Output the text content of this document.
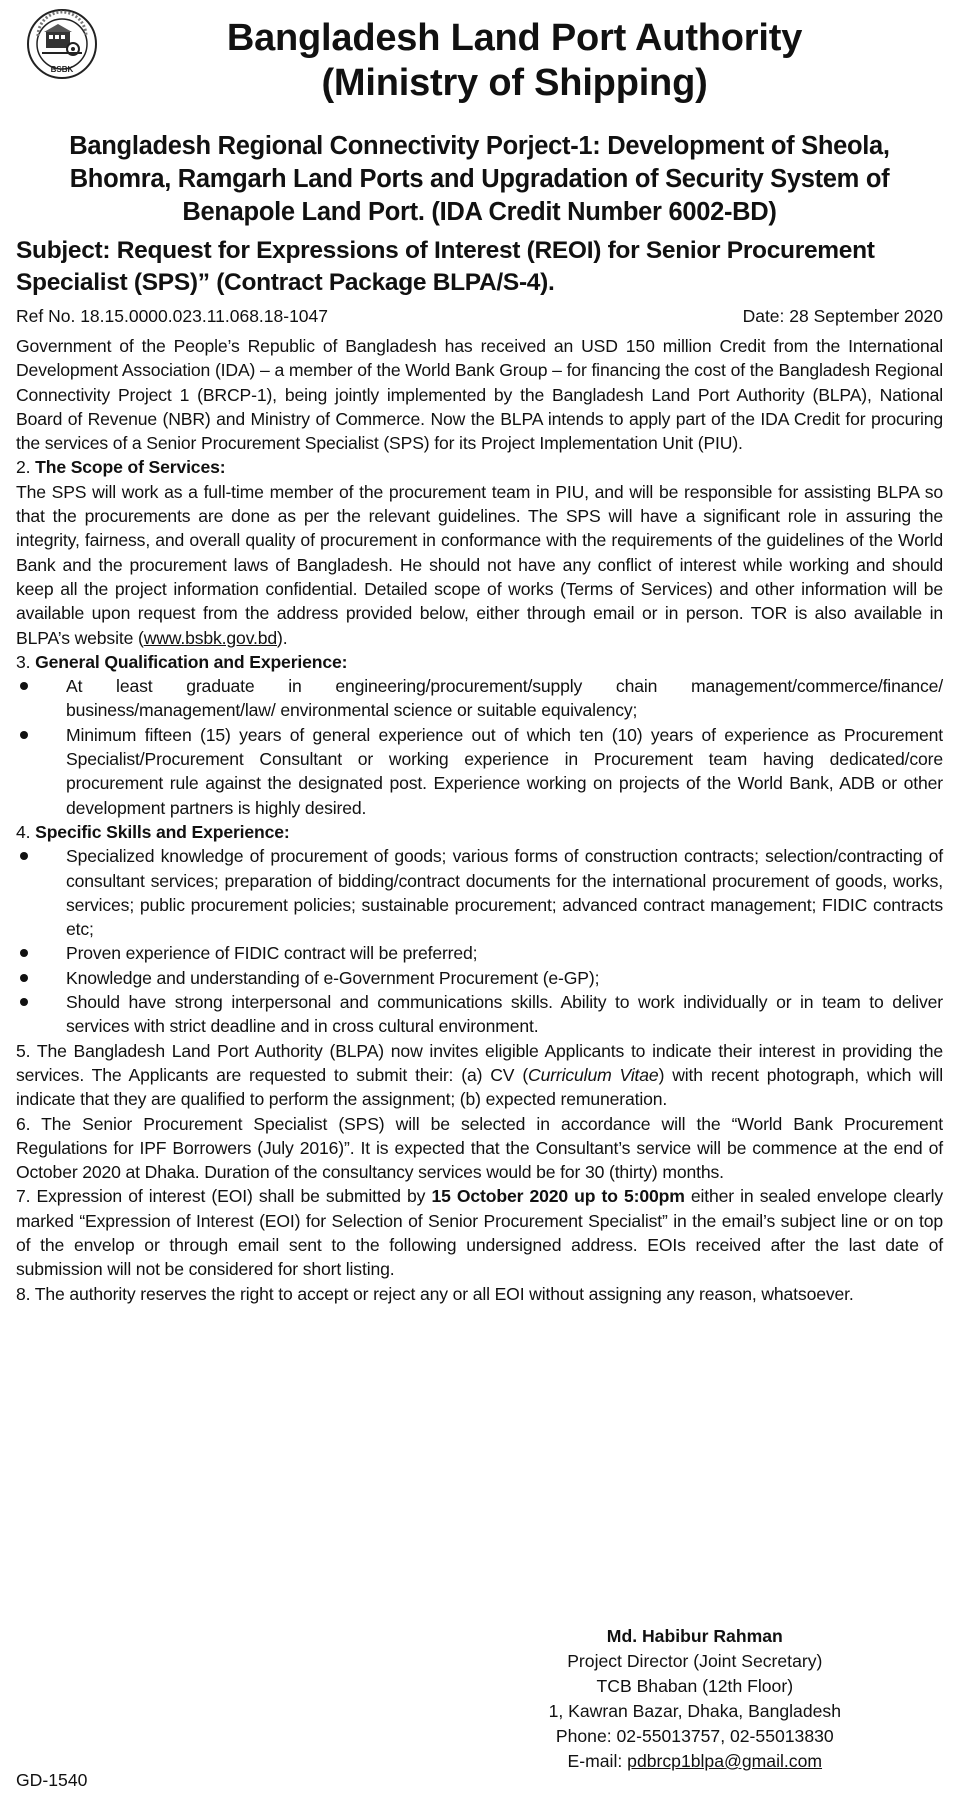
BSBK
Bangladesh Land Port Authority
(Ministry of Shipping)
Bangladesh Regional Connectivity Porject-1: Development of Sheola, Bhomra, Ramgarh Land Ports and Upgradation of Security System of Benapole Land Port. (IDA Credit Number 6002-BD)
Subject: Request for Expressions of Interest (REOI) for Senior Procurement Specialist (SPS)” (Contract Package BLPA/S-4).
Ref No. 18.15.0000.023.11.068.18-1047	Date: 28 September 2020

Government of the People’s Republic of Bangladesh has received an USD 150 million Credit from the International Development Association (IDA) – a member of the World Bank Group – for financing the cost of the Bangladesh Regional Connectivity Project 1 (BRCP-1), being jointly implemented by the Bangladesh Land Port Authority (BLPA), National Board of Revenue (NBR) and Ministry of Commerce. Now the BLPA intends to apply part of the IDA Credit for procuring the services of a Senior Procurement Specialist (SPS) for its Project Implementation Unit (PIU).

2. The Scope of Services:

The SPS will work as a full-time member of the procurement team in PIU, and will be responsible for assisting BLPA so that the procurements are done as per the relevant guidelines. The SPS will have a significant role in assuring the integrity, fairness, and overall quality of procurement in conformance with the requirements of the guidelines of the World Bank and the procurement laws of Bangladesh. He should not have any conflict of interest while working and should keep all the project information confidential. Detailed scope of works (Terms of Services) and other information will be available upon request from the address provided below, either through email or in person. TOR is also available in BLPA’s website (www.bsbk.gov.bd).

3. General Qualification and Experience:

At least graduate in engineering/procurement/supply chain management/commerce/finance/ business/management/law/ environmental science or suitable equivalency;
Minimum fifteen (15) years of general experience out of which ten (10) years of experience as Procurement Specialist/Procurement Consultant or working experience in Procurement team having dedicated/core procurement rule against the designated post. Experience working on projects of the World Bank, ADB or other development partners is highly desired.

4. Specific Skills and Experience:

Specialized knowledge of procurement of goods; various forms of construction contracts; selection/contracting of consultant services; preparation of bidding/contract documents for the international procurement of goods, works, services; public procurement policies; sustainable procurement; advanced contract management; FIDIC contracts etc;
Proven experience of FIDIC contract will be preferred;
Knowledge and understanding of e-Government Procurement (e-GP);
Should have strong interpersonal and communications skills. Ability to work individually or in team to deliver services with strict deadline and in cross cultural environment.

5. The Bangladesh Land Port Authority (BLPA) now invites eligible Applicants to indicate their interest in providing the services. The Applicants are requested to submit their: (a) CV (Curriculum Vitae) with recent photograph, which will indicate that they are qualified to perform the assignment; (b) expected remuneration.

6. The Senior Procurement Specialist (SPS) will be selected in accordance will the “World Bank Procurement Regulations for IPF Borrowers (July 2016)”. It is expected that the Consultant’s service will be commence at the end of October 2020 at Dhaka. Duration of the consultancy services would be for 30 (thirty) months.

7. Expression of interest (EOI) shall be submitted by 15 October 2020 up to 5:00pm either in sealed envelope clearly marked “Expression of Interest (EOI) for Selection of Senior Procurement Specialist” in the email’s subject line or on top of the envelop or through email sent to the following undersigned address. EOIs received after the last date of submission will not be considered for short listing.

8. The authority reserves the right to accept or reject any or all EOI without assigning any reason, whatsoever.

Md. Habibur Rahman
Project Director (Joint Secretary)
TCB Bhaban (12th Floor)
1, Kawran Bazar, Dhaka, Bangladesh
Phone: 02-55013757, 02-55013830
E-mail: pdbrcp1blpa@gmail.com
GD-1540
